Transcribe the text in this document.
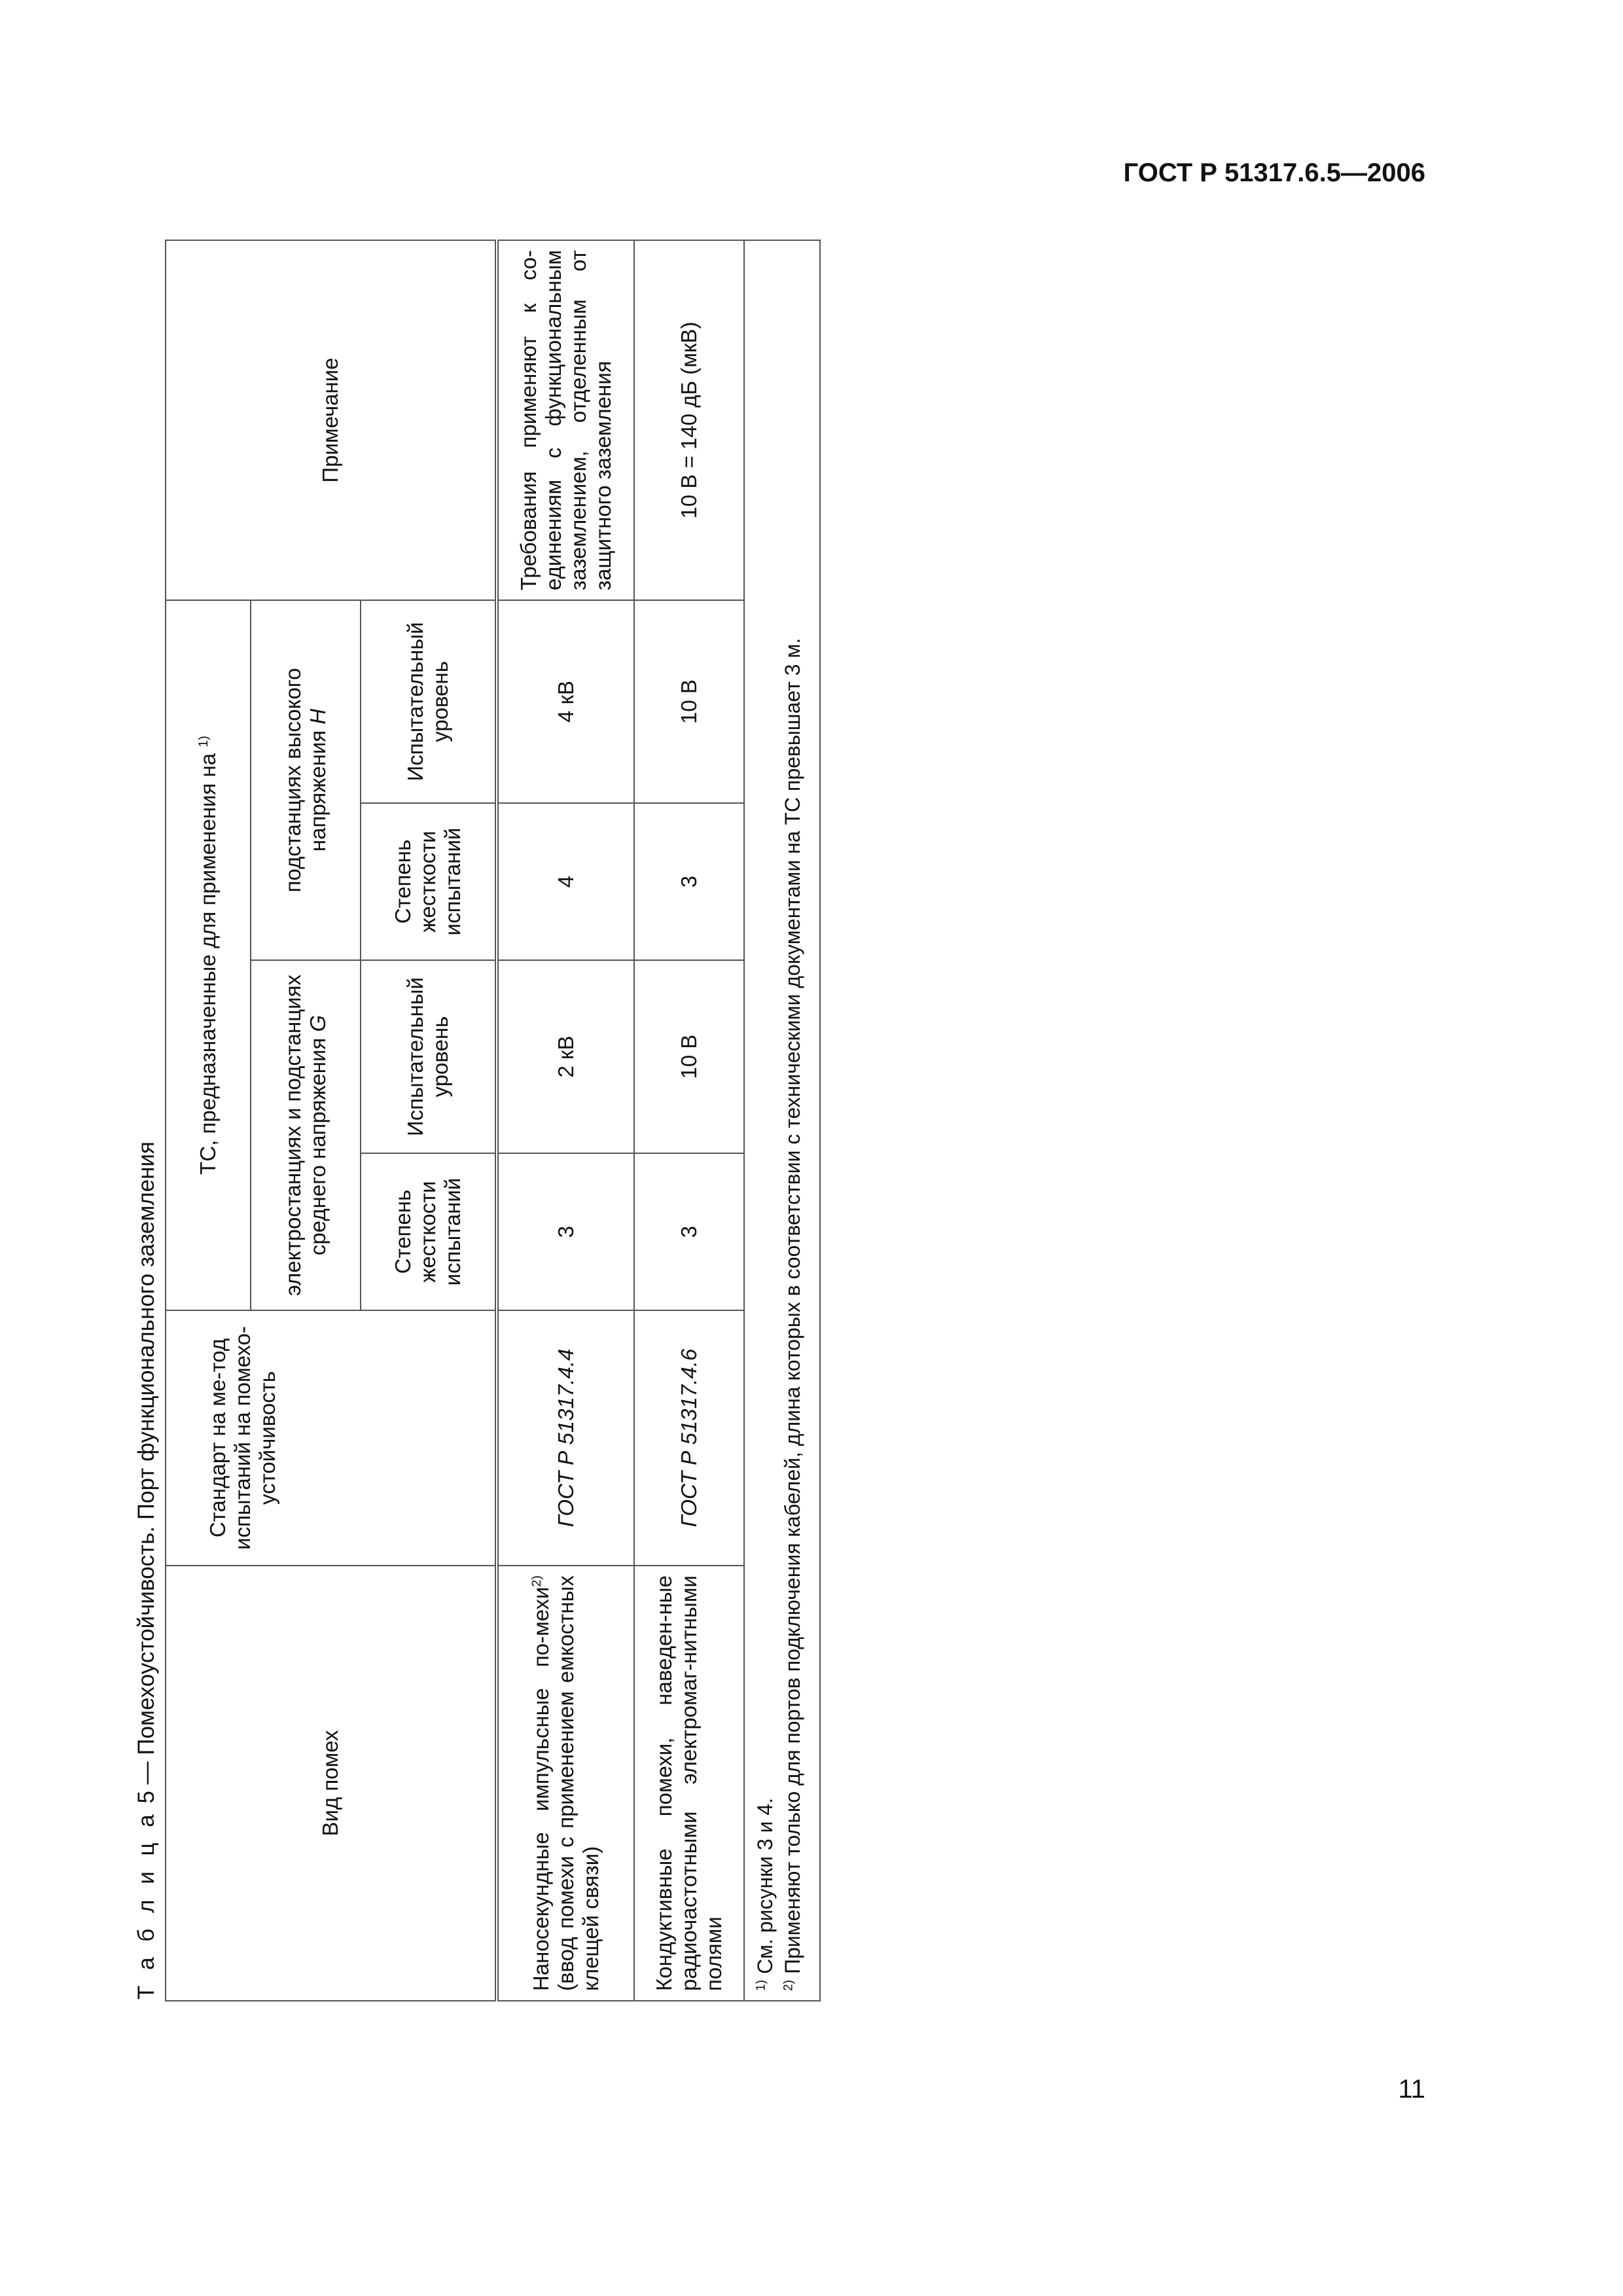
ГОСТ Р 51317.6.5—2006
Т а б л и ц а 5 — Помехоустойчивость. Порт функционального заземления	Вид помех	Стандарт на ме-тод испытаний на помехо-устойчивость	ТС, предназначенные для применения на $^{1)}$				Примечание
		электростанциях и подстанциях среднего напряжения G		подстанциях высокого напряжения H		
		Степень жесткости испытаний	Испытательный уровень	Степень жесткости испытаний	Испытательный уровень	
Наносекундные импульсные по-мехи$^{2)}$ (ввод помехи с применением емкостных клещей связи)	ГОСТ Р 51317.4.4	3	2 кВ	4	4 кВ	Требования применяют к со-единениям с функциональным заземлением, отделенным от защитного заземления
Кондуктивные помехи, наведен-ные радиочастотными электромаг-нитными полями	ГОСТ Р 51317.4.6	3	10 В	3	10 В	10 В = 140 дБ (мкВ)

$^{1)}$ См. рисунки 3 и 4.
$^{2)}$ Применяют только для портов подключения кабелей, длина которых в соответствии с техническими документами на ТС превышает 3 м.						
11
